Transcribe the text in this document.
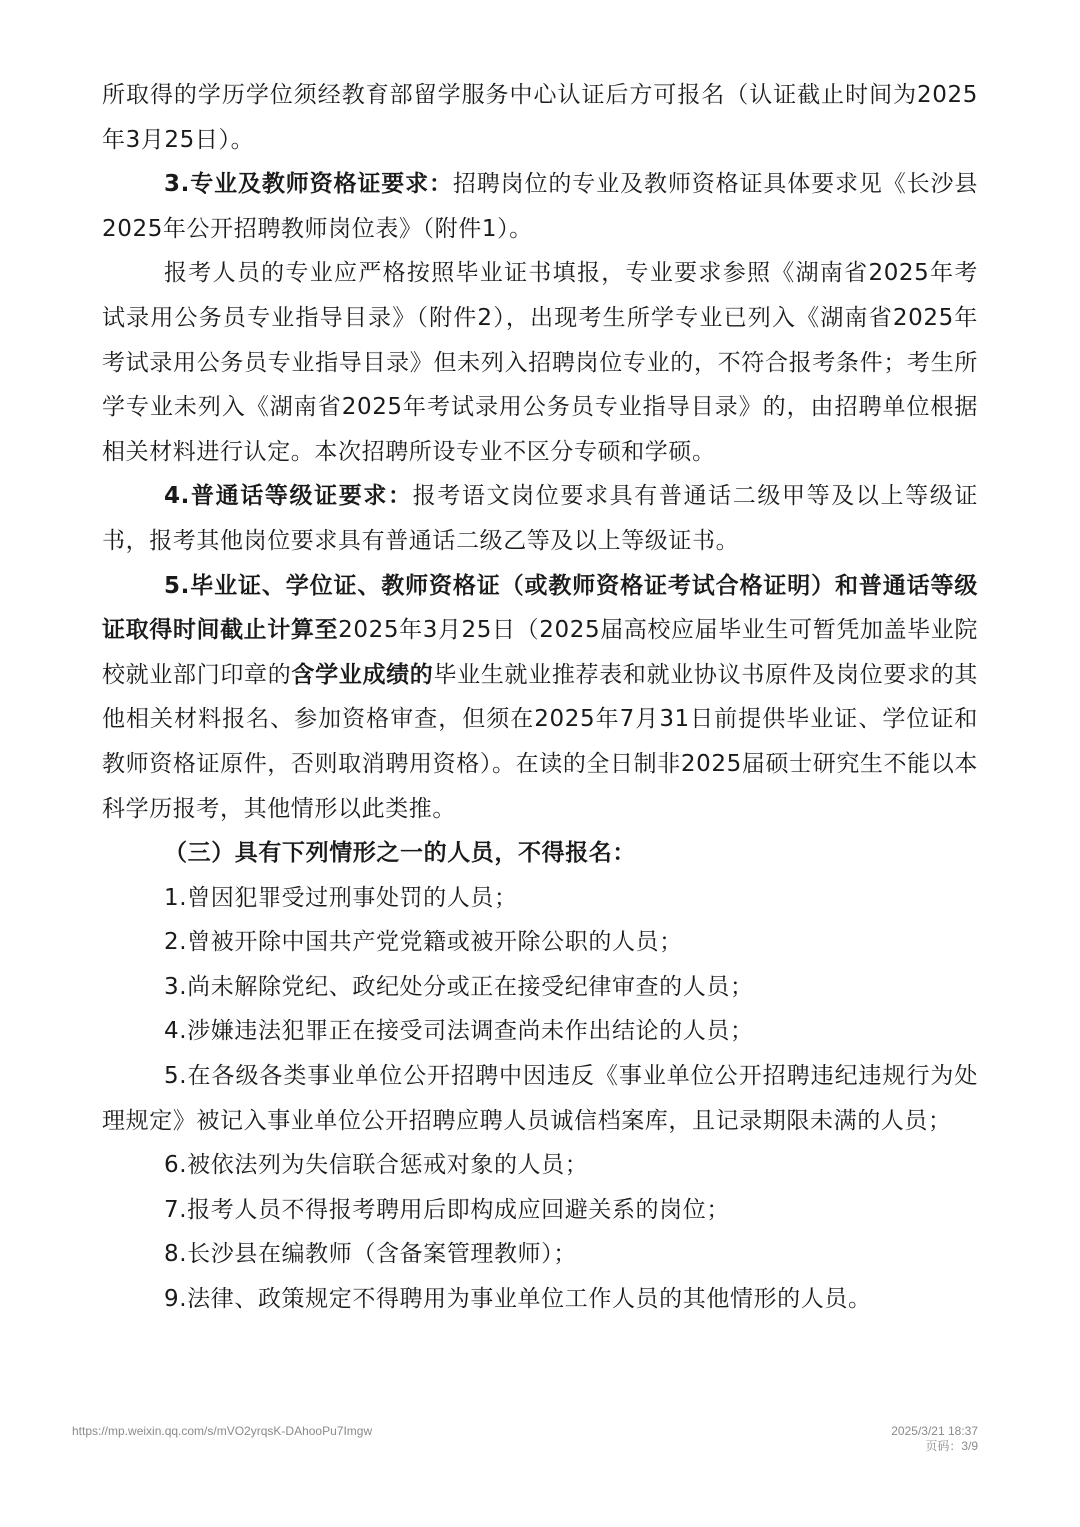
所取得的学历学位须经教育部留学服务中心认证后方可报名（认证截止时间为2025年3月25日）。

3.专业及教师资格证要求：招聘岗位的专业及教师资格证具体要求见《长沙县2025年公开招聘教师岗位表》（附件1）。

报考人员的专业应严格按照毕业证书填报，专业要求参照《湖南省2025年考试录用公务员专业指导目录》（附件2），出现考生所学专业已列入《湖南省2025年考试录用公务员专业指导目录》但未列入招聘岗位专业的，不符合报考条件；考生所学专业未列入《湖南省2025年考试录用公务员专业指导目录》的，由招聘单位根据相关材料进行认定。本次招聘所设专业不区分专硕和学硕。

4.普通话等级证要求：报考语文岗位要求具有普通话二级甲等及以上等级证书，报考其他岗位要求具有普通话二级乙等及以上等级证书。

5.毕业证、学位证、教师资格证（或教师资格证考试合格证明）和普通话等级证取得时间截止计算至2025年3月25日（2025届高校应届毕业生可暂凭加盖毕业院校就业部门印章的含学业成绩的毕业生就业推荐表和就业协议书原件及岗位要求的其他相关材料报名、参加资格审查，但须在2025年7月31日前提供毕业证、学位证和教师资格证原件，否则取消聘用资格）。在读的全日制非2025届硕士研究生不能以本科学历报考，其他情形以此类推。

（三）具有下列情形之一的人员，不得报名：

1.曾因犯罪受过刑事处罚的人员；

2.曾被开除中国共产党党籍或被开除公职的人员；

3.尚未解除党纪、政纪处分或正在接受纪律审查的人员；

4.涉嫌违法犯罪正在接受司法调查尚未作出结论的人员；

5.在各级各类事业单位公开招聘中因违反《事业单位公开招聘违纪违规行为处理规定》被记入事业单位公开招聘应聘人员诚信档案库，且记录期限未满的人员；

6.被依法列为失信联合惩戒对象的人员；

7.报考人员不得报考聘用后即构成应回避关系的岗位；

8.长沙县在编教师（含备案管理教师）；

9.法律、政策规定不得聘用为事业单位工作人员的其他情形的人员。

https://mp.weixin.qq.com/s/mVO2yrqsK-DAhooPu7Imgw	2025/3/21 18:37
页码：3/9
